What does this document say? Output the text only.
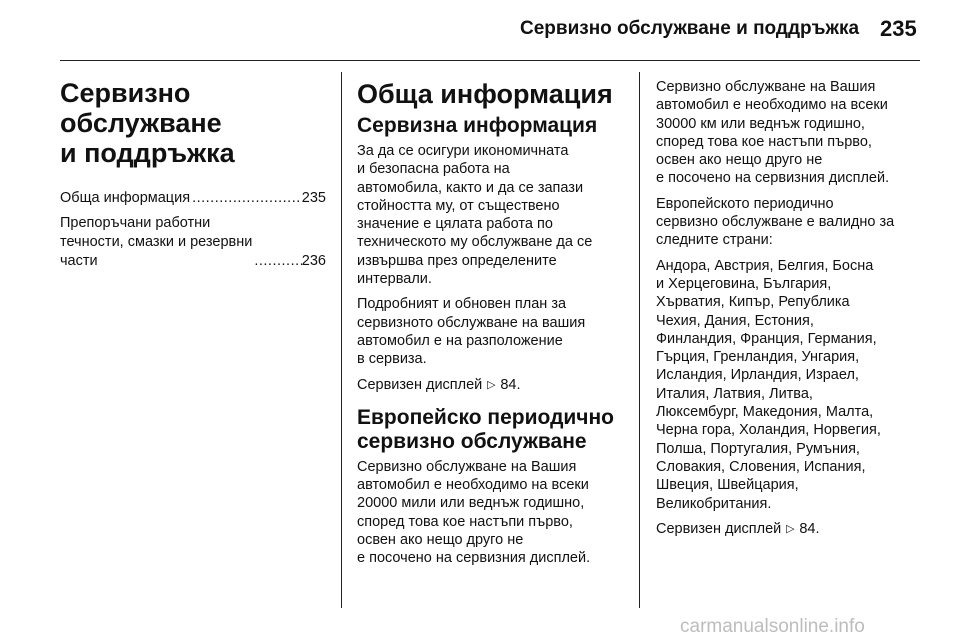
Сервизно обслужване и поддръжка 235
Сервизно
обслужване
и поддръжка
Обща информация .....	235
Препоръчани работни
течности, смазки и резервни
части .....	236
Обща информация
Сервизна информация

За да се осигури икономичната
и безопасна работа на
автомобила, както и да се запази
стойността му, от съществено
значение е цялата работа по
техническото му обслужване да се
извършва през определените
интервали.

Подробният и обновен план за
сервизното обслужване на вашия
автомобил е на разположение
в сервиза.

Сервизен дисплей ▷ 84.

Европейско периодично
сервизно обслужване

Сервизно обслужване на Вашия
автомобил е необходимо на всеки
20000 мили или веднъж годишно,
според това кое настъпи първо,
освен ако нещо друго не
е посочено на сервизния дисплей.

Сервизно обслужване на Вашия
автомобил е необходимо на всеки
30000 км или веднъж годишно,
според това кое настъпи първо,
освен ако нещо друго не
е посочено на сервизния дисплей.

Европейското периодично
сервизно обслужване е валидно за
следните страни:

Андора, Австрия, Белгия, Босна
и Херцеговина, България,
Хърватия, Кипър, Република
Чехия, Дания, Естония,
Финландия, Франция, Германия,
Гърция, Гренландия, Унгария,
Исландия, Ирландия, Израел,
Италия, Латвия, Литва,
Люксембург, Македония, Малта,
Черна гора, Холандия, Норвегия,
Полша, Португалия, Румъния,
Словакия, Словения, Испания,
Швеция, Швейцария,
Великобритания.

Сервизен дисплей ▷ 84.

carmanualsonline.info
